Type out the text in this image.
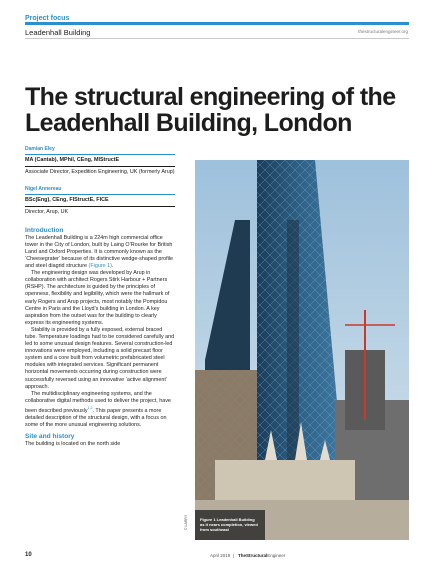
Project focus
Leadenhall Building	thestructuralengineer.org
The structural engineering of the Leadenhall Building, London
Damian Eley
MA (Cantab), MPhil, CEng, MIStructE
Associate Director, Expedition Engineering, UK (formerly Arup)
Nigel Annereau
BSc(Eng), CEng, FIStructE, FICE
Director, Arup, UK
Introduction

The Leadenhall Building is a 224m high commercial office tower in the City of London, built by Laing O’Rourke for British Land and Oxford Properties. It is commonly known as the ‘Cheesegrater’ because of its distinctive wedge-shaped profile and steel diagrid structure (Figure 1).

The engineering design was developed by Arup in collaboration with architect Rogers Stirk Harbour + Partners (RSHP). The architecture is guided by the principles of openness, flexibility and legibility, which were the hallmark of early Rogers and Arup projects, most notably the Pompidou Centre in Paris and the Lloyd’s building in London. A key aspiration from the outset was for the building to clearly express its engineering systems.

Stability is provided by a fully exposed, external braced tube. Temperature loadings had to be considered carefully and led to some unusual design features. Several construction-led innovations were employed, including a solid precast floor system and a core built from volumetric prefabricated steel modules with integrated services. Significant permanent horizontal movements occurring during construction were successfully reversed using an innovative ‘active alignment’ approach.

The multidisciplinary engineering systems, and the collaborative digital methods used to deliver the project, have been described previously$^{1,2}$. This paper presents a more detailed description of the structural design, with a focus on some of the more unusual engineering solutions.

Site and history

The building is located on the north side

Figure 1 Leadenhall Building as it nears completion, viewed from southeast
© LARRY
10	April 2019 | TheStructuralEngineer
